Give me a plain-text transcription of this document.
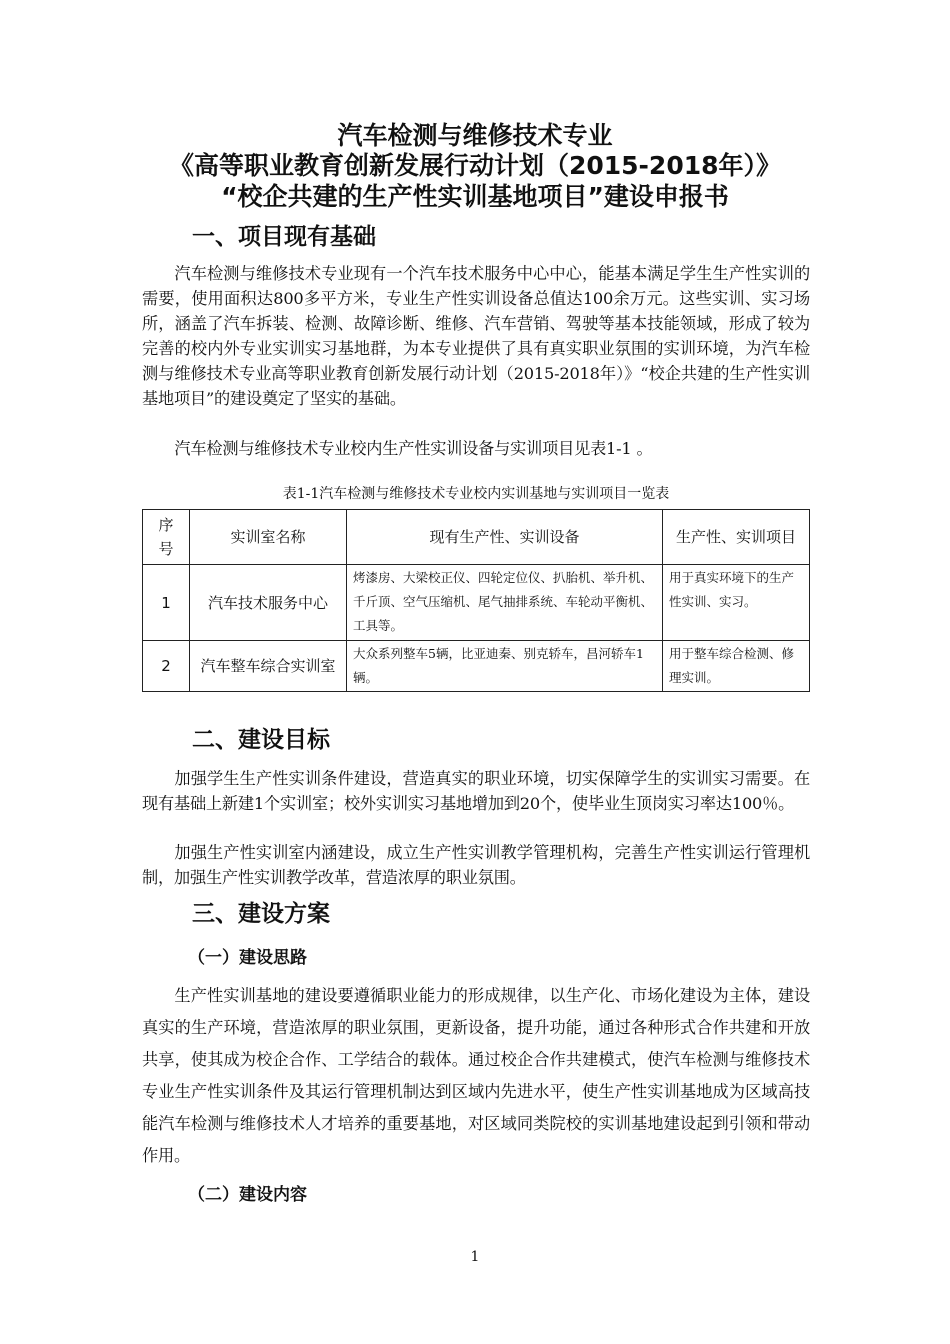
汽车检测与维修技术专业
《高等职业教育创新发展行动计划（2015-2018年）》
“校企共建的生产性实训基地项目”建设申报书
一、项目现有基础

汽车检测与维修技术专业现有一个汽车技术服务中心中心，能基本满足学生生产性实训的需要，使用面积达800多平方米，专业生产性实训设备总值达100余万元。这些实训、实习场所，涵盖了汽车拆装、检测、故障诊断、维修、汽车营销、驾驶等基本技能领域，形成了较为完善的校内外专业实训实习基地群，为本专业提供了具有真实职业氛围的实训环境，为汽车检测与维修技术专业高等职业教育创新发展行动计划（2015-2018年）》“校企共建的生产性实训基地项目”的建设奠定了坚实的基础。

汽车检测与维修技术专业校内生产性实训设备与实训项目见表1-1 。

表1-1汽车检测与维修技术专业校内实训基地与实训项目一览表
序号	实训室名称	现有生产性、实训设备	生产性、实训项目
1	汽车技术服务中心	烤漆房、大梁校正仪、四轮定位仪、扒胎机、举升机、千斤顶、空气压缩机、尾气抽排系统、车轮动平衡机、工具等。	用于真实环境下的生产性实训、实习。
2	汽车整车综合实训室	大众系列整车5辆，比亚迪秦、别克轿车，昌河轿车1辆。	用于整车综合检测、修理实训。
二、建设目标

加强学生生产性实训条件建设，营造真实的职业环境，切实保障学生的实训实习需要。在现有基础上新建1个实训室；校外实训实习基地增加到20个，使毕业生顶岗实习率达100％。

加强生产性实训室内涵建设，成立生产性实训教学管理机构，完善生产性实训运行管理机制，加强生产性实训教学改革，营造浓厚的职业氛围。

三、建设方案
（一）建设思路

生产性实训基地的建设要遵循职业能力的形成规律，以生产化、市场化建设为主体，建设真实的生产环境，营造浓厚的职业氛围，更新设备，提升功能，通过各种形式合作共建和开放共享，使其成为校企合作、工学结合的载体。通过校企合作共建模式，使汽车检测与维修技术专业生产性实训条件及其运行管理机制达到区域内先进水平，使生产性实训基地成为区域高技能汽车检测与维修技术人才培养的重要基地，对区域同类院校的实训基地建设起到引领和带动作用。

（二）建设内容
1
